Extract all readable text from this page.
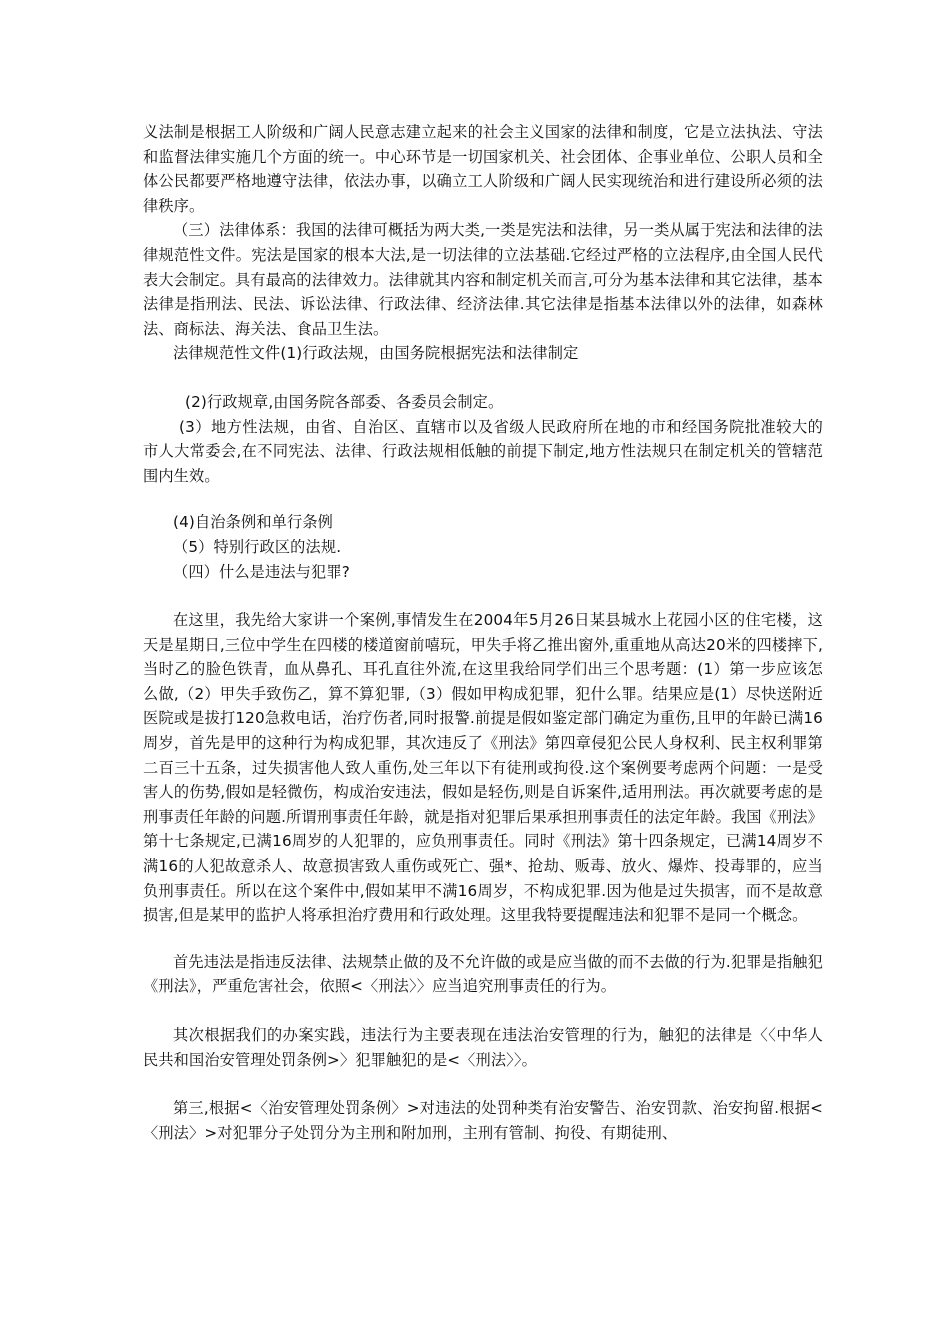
义法制是根据工人阶级和广阔人民意志建立起来的社会主义国家的法律和制度，它是立法执法、守法和监督法律实施几个方面的统一。中心环节是一切国家机关、社会团体、企事业单位、公职人员和全体公民都要严格地遵守法律，依法办事，以确立工人阶级和广阔人民实现统治和进行建设所必须的法律秩序。

（三）法律体系：我国的法律可概括为两大类,一类是宪法和法律，另一类从属于宪法和法律的法律规范性文件。宪法是国家的根本大法,是一切法律的立法基础.它经过严格的立法程序,由全国人民代表大会制定。具有最高的法律效力。法律就其内容和制定机关而言,可分为基本法律和其它法律，基本法律是指刑法、民法、诉讼法律、行政法律、经济法律.其它法律是指基本法律以外的法律，如森林法、商标法、海关法、食品卫生法。

法律规范性文件(1)行政法规，由国务院根据宪法和法律制定

(2)行政规章,由国务院各部委、各委员会制定。

(3）地方性法规，由省、自治区、直辖市以及省级人民政府所在地的市和经国务院批准较大的市人大常委会,在不同宪法、法律、行政法规相低触的前提下制定,地方性法规只在制定机关的管辖范围内生效。

(4)自治条例和单行条例

（5）特别行政区的法规.

（四）什么是违法与犯罪?

在这里，我先给大家讲一个案例,事情发生在2004年5月26日某县城水上花园小区的住宅楼，这天是星期日,三位中学生在四楼的楼道窗前嘻玩，甲失手将乙推出窗外,重重地从高达20米的四楼摔下,当时乙的脸色铁青，血从鼻孔、耳孔直往外流,在这里我给同学们出三个思考题：(1）第一步应该怎么做,（2）甲失手致伤乙，算不算犯罪,（3）假如甲构成犯罪，犯什么罪。结果应是(1）尽快送附近医院或是拔打120急救电话，治疗伤者,同时报警.前提是假如鉴定部门确定为重伤,且甲的年龄已满16周岁，首先是甲的这种行为构成犯罪，其次违反了《刑法》第四章侵犯公民人身权利、民主权利罪第二百三十五条，过失损害他人致人重伤,处三年以下有徒刑或拘役.这个案例要考虑两个问题：一是受害人的伤势,假如是轻微伤，构成治安违法，假如是轻伤,则是自诉案件,适用刑法。再次就要考虑的是刑事责任年龄的问题.所谓刑事责任年龄，就是指对犯罪后果承担刑事责任的法定年龄。我国《刑法》第十七条规定,已满16周岁的人犯罪的，应负刑事责任。同时《刑法》第十四条规定，已满14周岁不满16的人犯故意杀人、故意损害致人重伤或死亡、强*、抢劫、贩毒、放火、爆炸、投毒罪的，应当负刑事责任。所以在这个案件中,假如某甲不满16周岁，不构成犯罪.因为他是过失损害，而不是故意损害,但是某甲的监护人将承担治疗费用和行政处理。这里我特要提醒违法和犯罪不是同一个概念。

首先违法是指违反法律、法规禁止做的及不允许做的或是应当做的而不去做的行为.犯罪是指触犯《刑法》，严重危害社会，依照<〈刑法〉〉应当追究刑事责任的行为。

其次根据我们的办案实践，违法行为主要表现在违法治安管理的行为，触犯的法律是〈〈中华人民共和国治安管理处罚条例>〉犯罪触犯的是<〈刑法〉〉。

第三,根据<〈治安管理处罚条例〉>对违法的处罚种类有治安警告、治安罚款、治安拘留.根据<〈刑法〉>对犯罪分子处罚分为主刑和附加刑，主刑有管制、拘役、有期徒刑、
